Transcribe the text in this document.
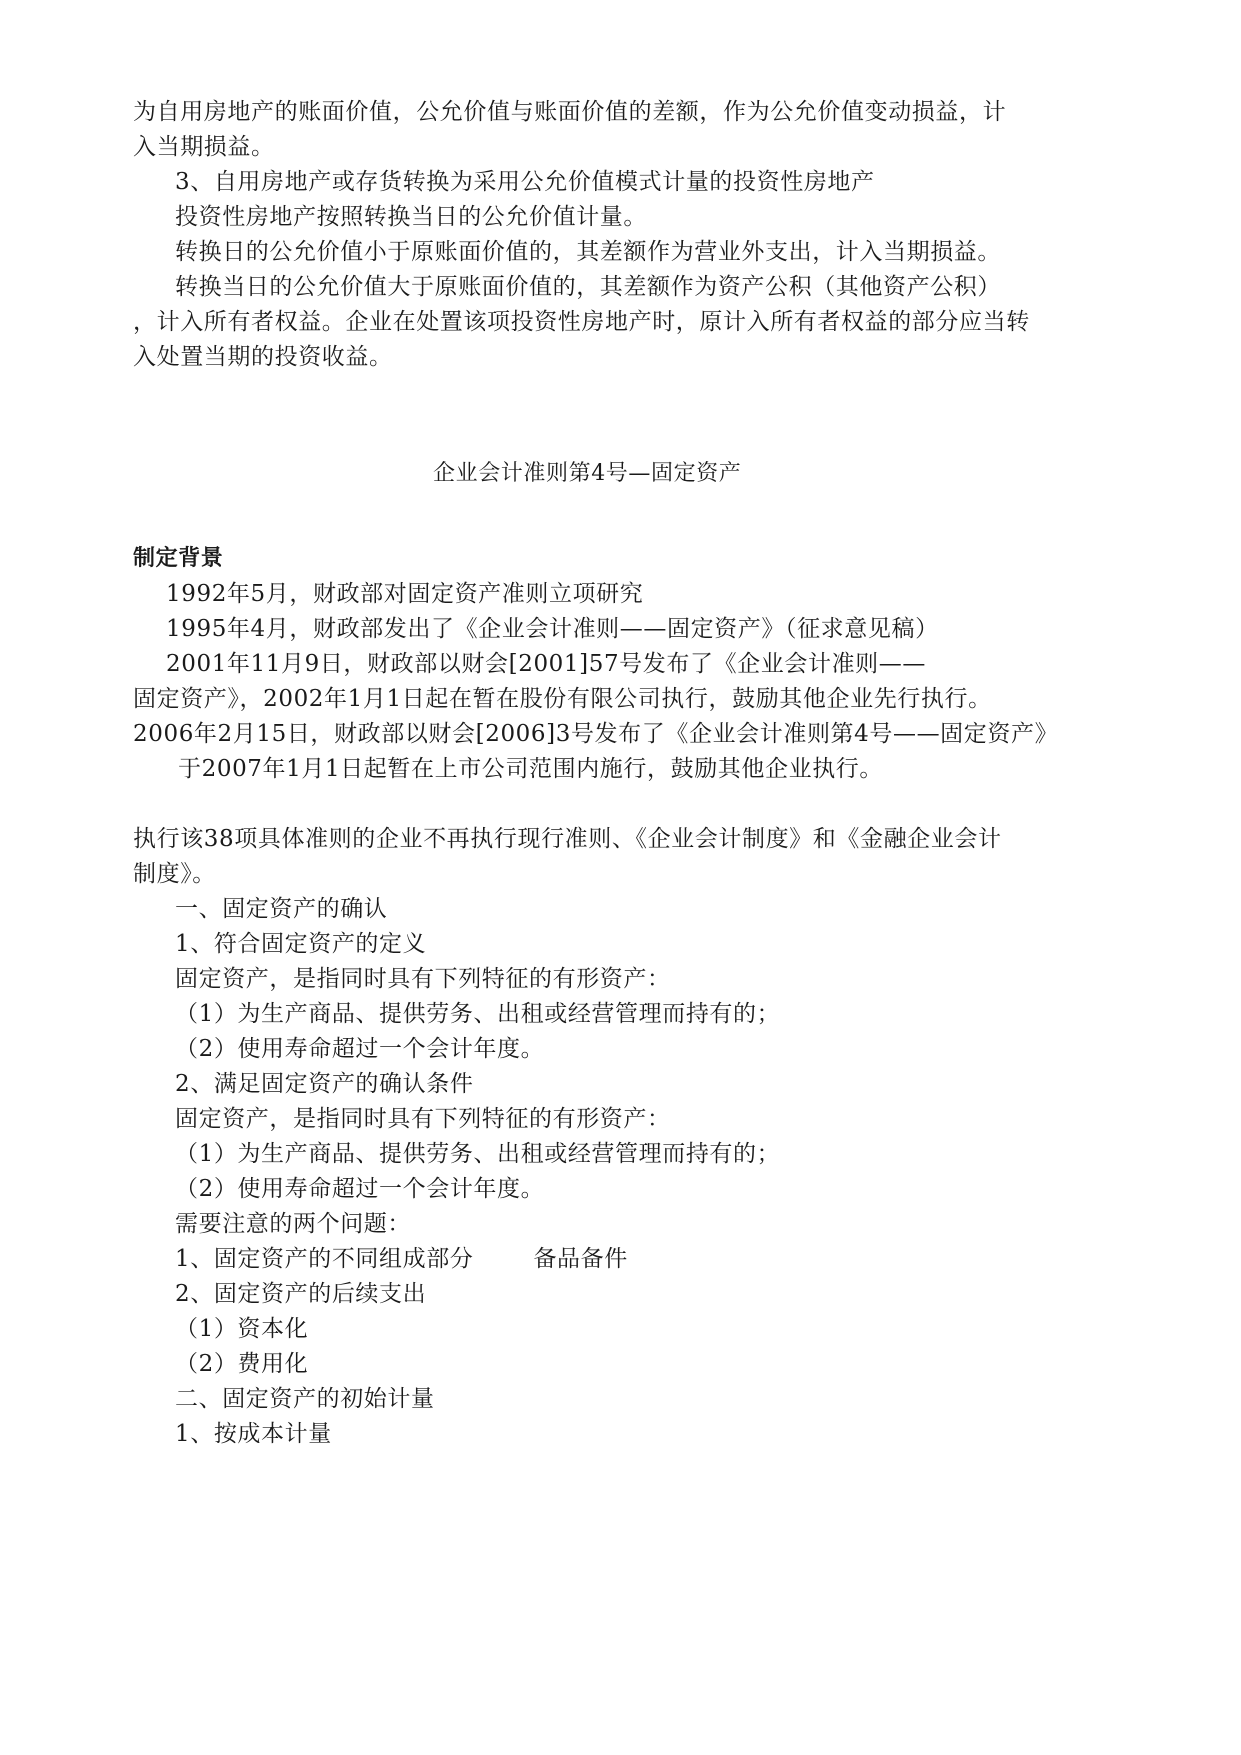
为自用房地产的账面价值，公允价值与账面价值的差额，作为公允价值变动损益，计
入当期损益。
3、自用房地产或存货转换为采用公允价值模式计量的投资性房地产
投资性房地产按照转换当日的公允价值计量。
转换日的公允价值小于原账面价值的，其差额作为营业外支出，计入当期损益。
转换当日的公允价值大于原账面价值的，其差额作为资产公积（其他资产公积）
，计入所有者权益。企业在处置该项投资性房地产时，原计入所有者权益的部分应当转
入处置当期的投资收益。
企业会计准则第4号—固定资产
制定背景
1992年5月，财政部对固定资产准则立项研究
1995年4月，财政部发出了《企业会计准则——固定资产》（征求意见稿）
2001年11月9日，财政部以财会[2001]57号发布了《企业会计准则——
固定资产》，2002年1月1日起在暂在股份有限公司执行，鼓励其他企业先行执行。
2006年2月15日，财政部以财会[2006]3号发布了《企业会计准则第4号——固定资产》
于2007年1月1日起暂在上市公司范围内施行，鼓励其他企业执行。
执行该38项具体准则的企业不再执行现行准则、《企业会计制度》和《金融企业会计
制度》。
一、固定资产的确认
1、符合固定资产的定义
固定资产，是指同时具有下列特征的有形资产：
（1）为生产商品、提供劳务、出租或经营管理而持有的；
（2）使用寿命超过一个会计年度。
2、满足固定资产的确认条件
固定资产，是指同时具有下列特征的有形资产：
（1）为生产商品、提供劳务、出租或经营管理而持有的；
（2）使用寿命超过一个会计年度。
需要注意的两个问题：
1、固定资产的不同组成部分	备品备件
2、固定资产的后续支出
（1）资本化
（2）费用化
二、固定资产的初始计量
1、按成本计量
